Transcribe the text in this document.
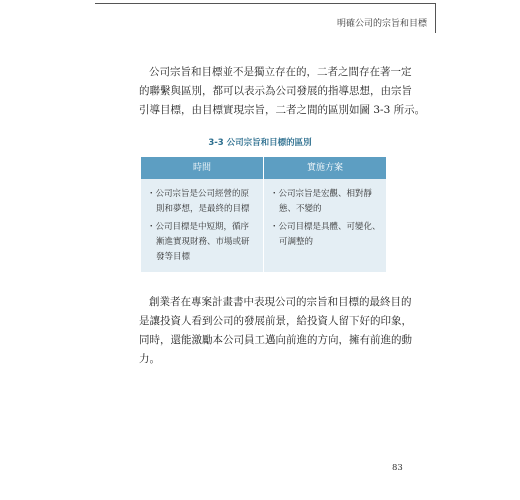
明確公司的宗旨和目標
公司宗旨和目標並不是獨立存在的，二者之間存在著一定
的聯繫與區別，都可以表示為公司發展的指導思想，由宗旨
引導目標，由目標實現宗旨，二者之間的區別如圖 3-3 所示。
3-3 公司宗旨和目標的區別
時間	實施方案
・公司宗旨是公司經營的原
則和夢想，是最終的目標
・公司目標是中短期，循序
漸進實現財務、市場或研
發等目標
・公司宗旨是宏觀、相對靜
態、不變的
・公司目標是具體、可變化、
可調整的
創業者在專案計畫書中表現公司的宗旨和目標的最終目的
是讓投資人看到公司的發展前景，給投資人留下好的印象，
同時，還能激勵本公司員工邁向前進的方向，擁有前進的動
力。
83
